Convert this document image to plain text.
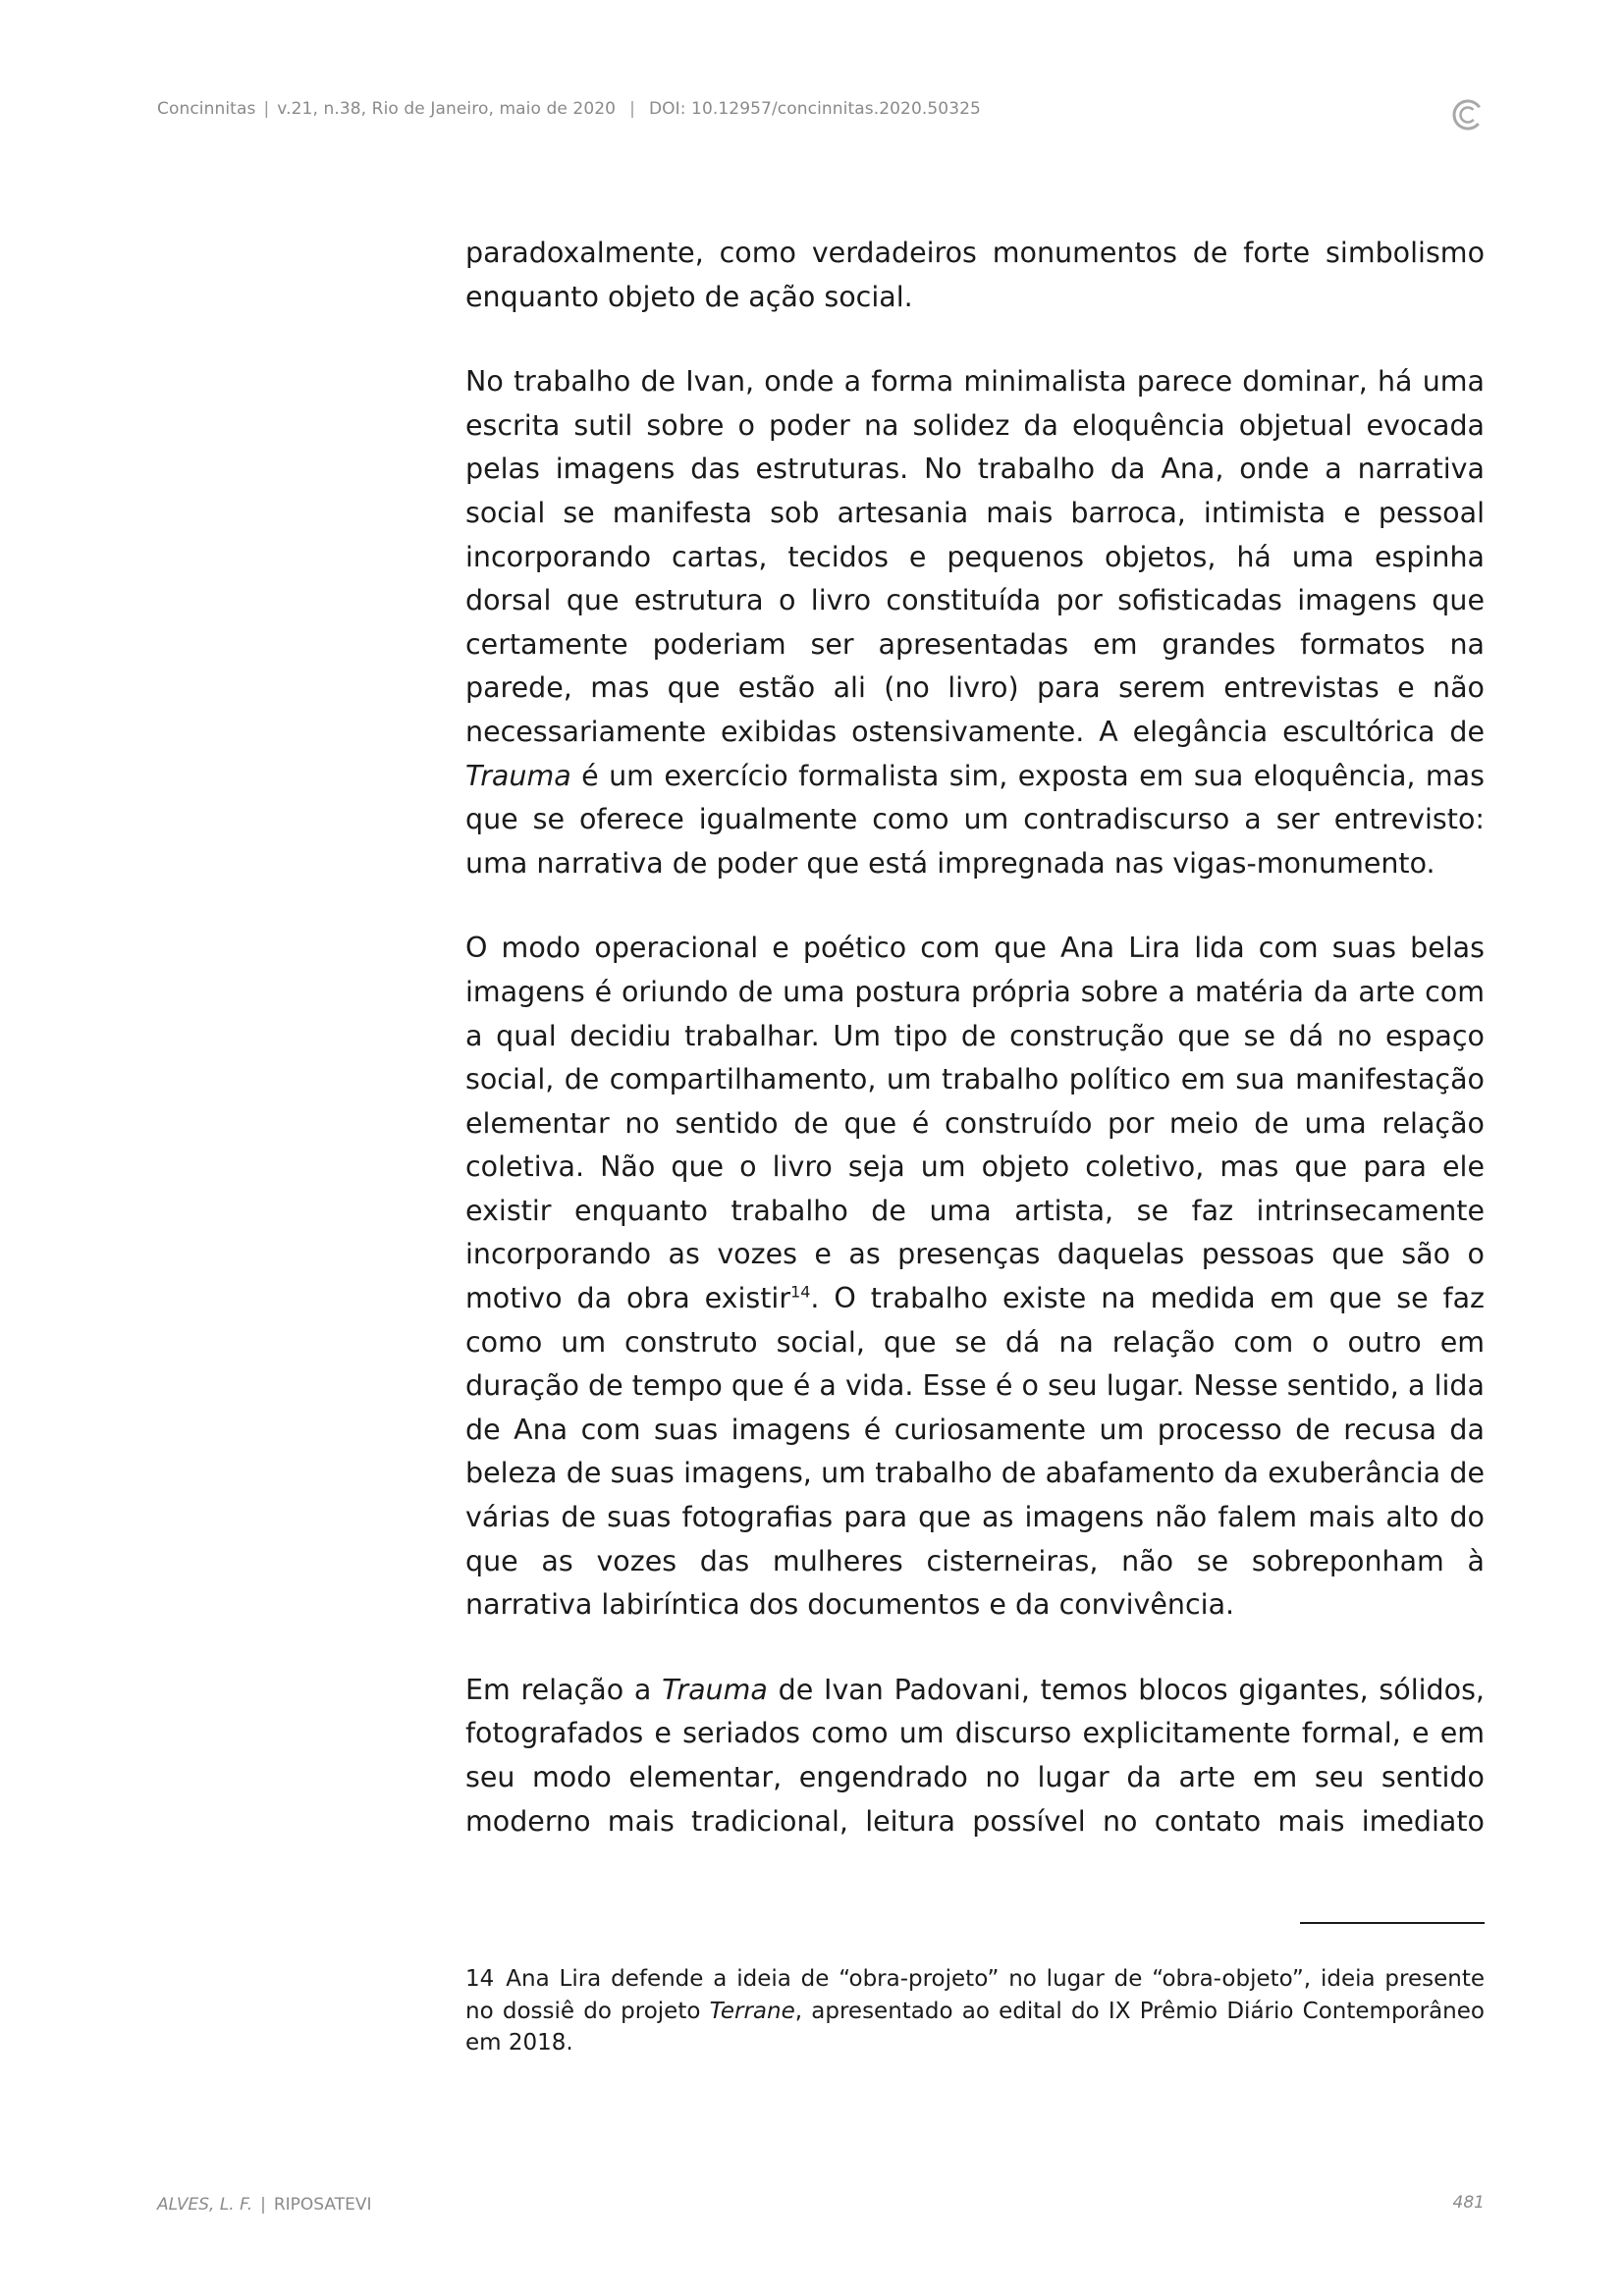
Concinnitas | v.21, n.38, Rio de Janeiro, maio de 2020 | DOI: 10.12957/concinnitas.2020.50325

paradoxalmente, como verdadeiros monumentos de forte simbolismo enquanto objeto de ação social.

No trabalho de Ivan, onde a forma minimalista parece dominar, há uma escrita sutil sobre o poder na solidez da eloquência objetual evocada pelas imagens das estruturas. No trabalho da Ana, onde a narrativa social se manifesta sob artesania mais barroca, intimista e pessoal incorporando cartas, tecidos e pequenos objetos, há uma espinha dorsal que estrutura o livro constituída por sofisticadas imagens que certamente poderiam ser apresentadas em grandes formatos na parede, mas que estão ali (no livro) para serem entrevistas e não necessariamente exibidas ostensivamente. A elegância escultórica de Trauma é um exercício formalista sim, exposta em sua eloquência, mas que se oferece igualmente como um contradiscurso a ser entrevisto: uma narrativa de poder que está impregnada nas vigas-monumento.

O modo operacional e poético com que Ana Lira lida com suas belas imagens é oriundo de uma postura própria sobre a matéria da arte com a qual decidiu trabalhar. Um tipo de construção que se dá no espaço social, de compartilhamento, um trabalho político em sua manifestação elementar no sentido de que é construído por meio de uma relação coletiva. Não que o livro seja um objeto coletivo, mas que para ele existir enquanto trabalho de uma artista, se faz intrinsecamente incorporando as vozes e as presenças daquelas pessoas que são o motivo da obra existir$^{14}$. O trabalho existe na medida em que se faz como um construto social, que se dá na relação com o outro em duração de tempo que é a vida. Esse é o seu lugar. Nesse sentido, a lida de Ana com suas imagens é curiosamente um processo de recusa da beleza de suas imagens, um trabalho de abafamento da exuberância de várias de suas fotografias para que as imagens não falem mais alto do que as vozes das mulheres cisterneiras, não se sobreponham à narrativa labiríntica dos documentos e da convivência.

Em relação a Trauma de Ivan Padovani, temos blocos gigantes, sólidos, fotografados e seriados como um discurso explicitamente formal, e em seu modo elementar, engendrado no lugar da arte em seu sentido moderno mais tradicional, leitura possível no contato mais imediato

14 Ana Lira defende a ideia de “obra-projeto” no lugar de “obra-objeto”, ideia presente no dossiê do projeto Terrane, apresentado ao edital do IX Prêmio Diário Contemporâneo em 2018.
ALVES, L. F. | RIPOSATEVI	481
